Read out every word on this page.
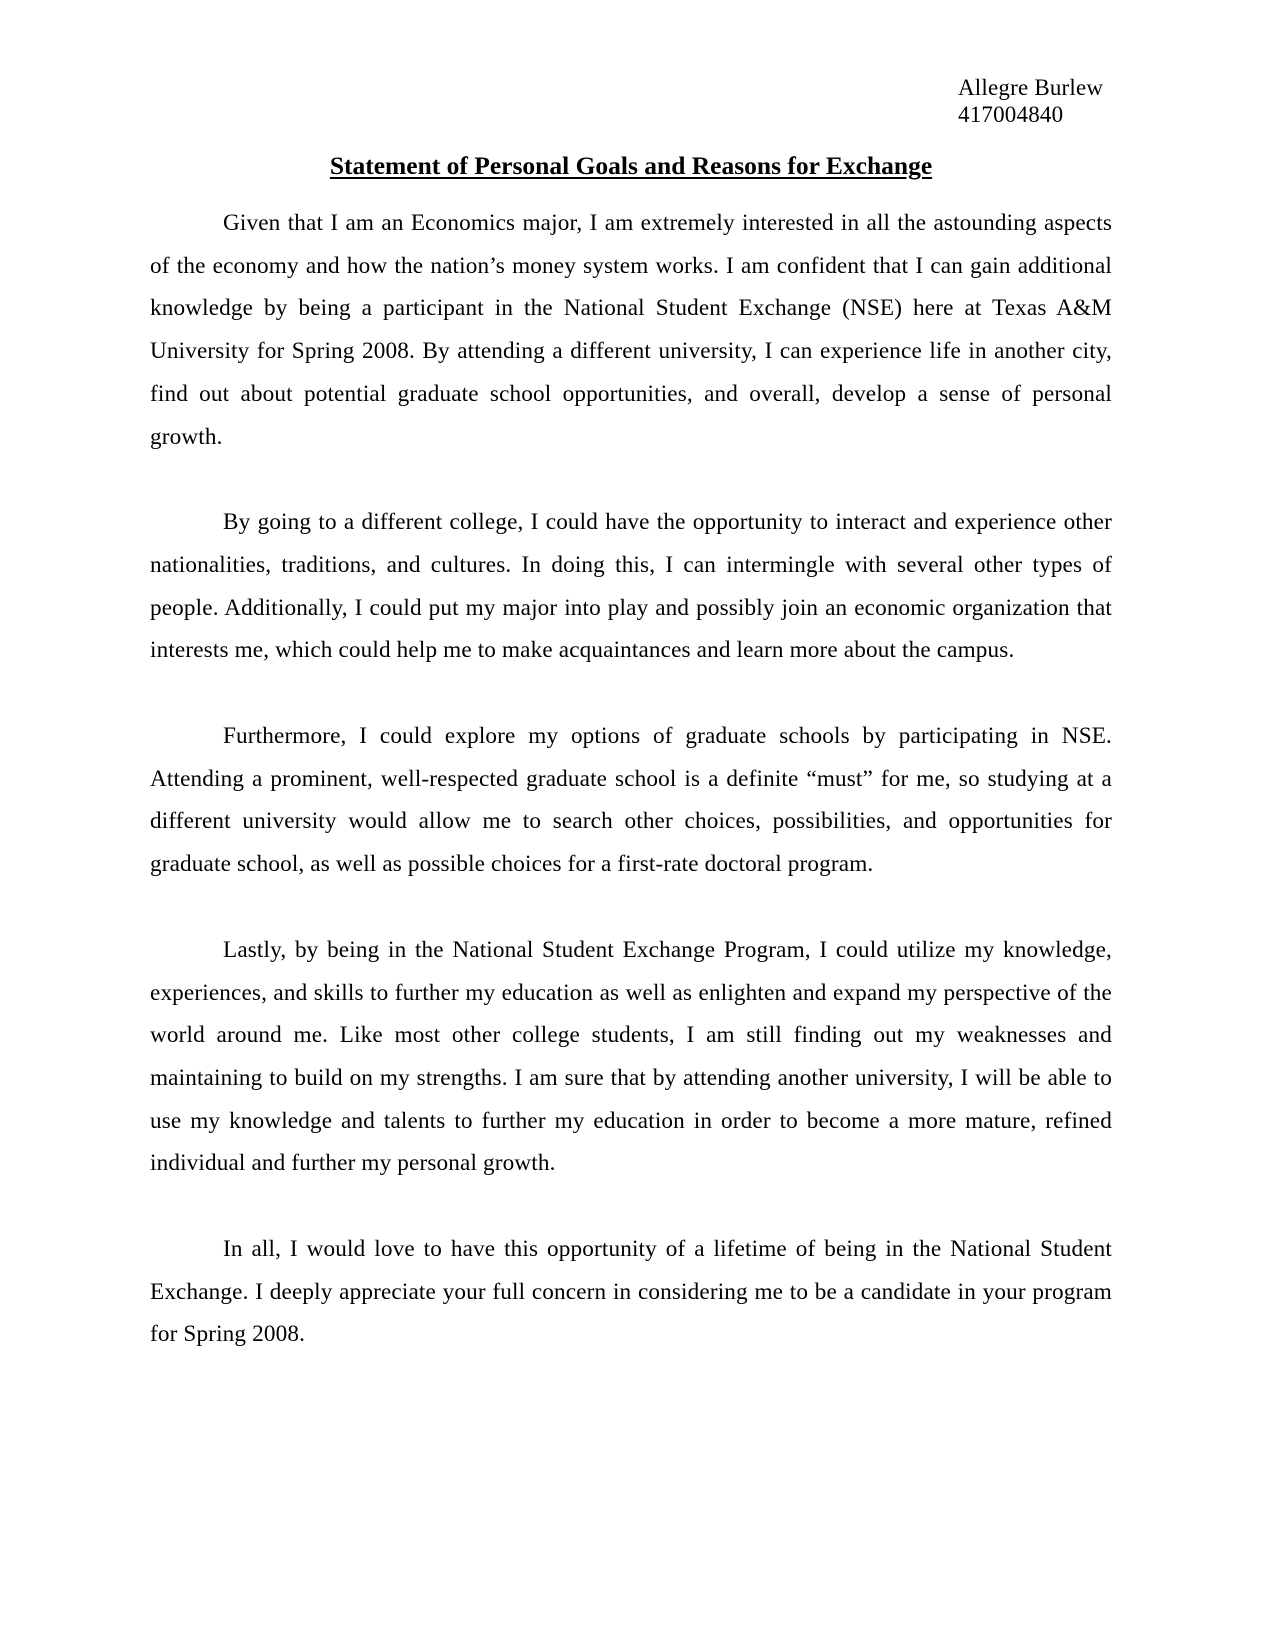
Allegre Burlew
417004840
Statement of Personal Goals and Reasons for Exchange

Given that I am an Economics major, I am extremely interested in all the astounding aspects of the economy and how the nation’s money system works. I am confident that I can gain additional knowledge by being a participant in the National Student Exchange (NSE) here at Texas A&M University for Spring 2008. By attending a different university, I can experience life in another city, find out about potential graduate school opportunities, and overall, develop a sense of personal growth.

By going to a different college, I could have the opportunity to interact and experience other nationalities, traditions, and cultures. In doing this, I can intermingle with several other types of people. Additionally, I could put my major into play and possibly join an economic organization that interests me, which could help me to make acquaintances and learn more about the campus.

Furthermore, I could explore my options of graduate schools by participating in NSE. Attending a prominent, well-respected graduate school is a definite “must” for me, so studying at a different university would allow me to search other choices, possibilities, and opportunities for graduate school, as well as possible choices for a first-rate doctoral program.

Lastly, by being in the National Student Exchange Program, I could utilize my knowledge, experiences, and skills to further my education as well as enlighten and expand my perspective of the world around me. Like most other college students, I am still finding out my weaknesses and maintaining to build on my strengths. I am sure that by attending another university, I will be able to use my knowledge and talents to further my education in order to become a more mature, refined individual and further my personal growth.

In all, I would love to have this opportunity of a lifetime of being in the National Student Exchange. I deeply appreciate your full concern in considering me to be a candidate in your program for Spring 2008.
